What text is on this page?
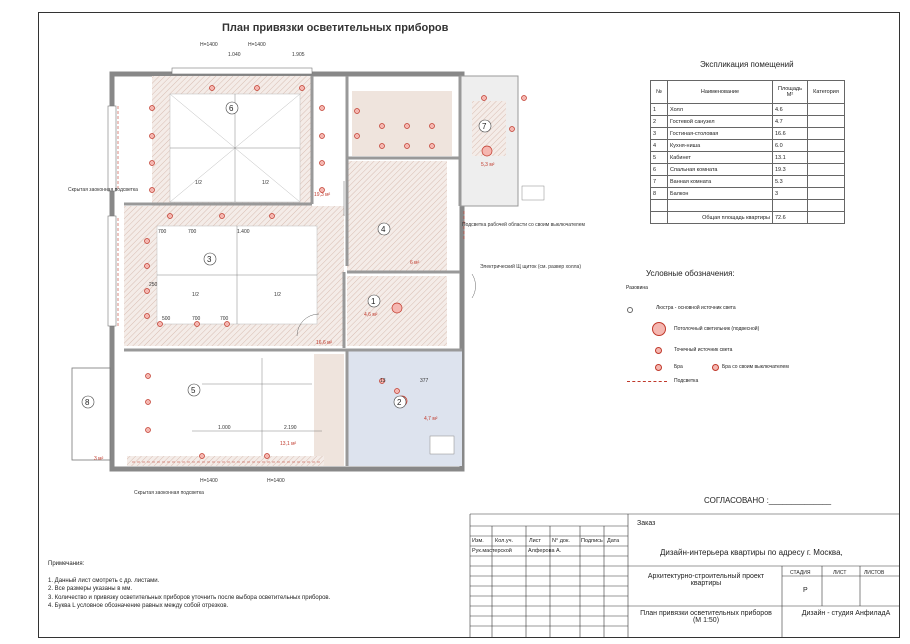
План привязки осветительных приборов
6
3
4
1
2
5
7
8
19,3 м²
16,6 м²
6 м²
4,6 м²
4,7 м²
13,1 м²
5,3 м²
3 м²
H=1400	H=1400
1.040	1.905
1.400
700	700
500	700	700
1.000	2.190
250
13	377
1/2	1/2
1/2	1/2
H=1400	H=1400
Скрытая заоконная подсветка
Скрытая заоконная подсветка
Подсветка рабочей области со своим выключателем
Электрический Щ щиток (см. развер холла)
Экспликация помещений
№	Наименование	Площадь М²	Категория
1	Холл	4.6	
2	Гостевой санузел	4.7	
3	Гостиная-столовая	16.6	
4	Кухня-ниша	6.0	
5	Кабинет	13.1	
6	Спальная комната	19.3	
7	Ванная комната	5.3	
8	Балкон	3	

	Общая площадь квартиры	72.6	
Условные обозначения:
Разовина
Люстра - основной источник света
Потолочный светильник (подвесной)
Точечный источник света
Бра	Бра со своим выключателем
Подсветка
СОГЛАСОВАНО :______________
Примечания:
1. Данный лист смотреть с др. листами.
2. Все размеры указаны в мм.
3. Количество и привязку осветительных приборов уточнить после выбора осветительных приборов.
4. Буква L условное обозначение равных между собой отрезков.
Заказ
Изм. Кол.уч.	Лист N° док. Подпись Дата
Рук.мастерской	Алферова А.	Дизайн-интерьера квартиры по адресу г. Москва,
Архитектурно-строительный проект квартиры
СТАДИЯ	ЛИСТ	ЛИСТОВ
Р
План привязки осветительных приборов (М 1:50)
Дизайн - студия АнфиладА
